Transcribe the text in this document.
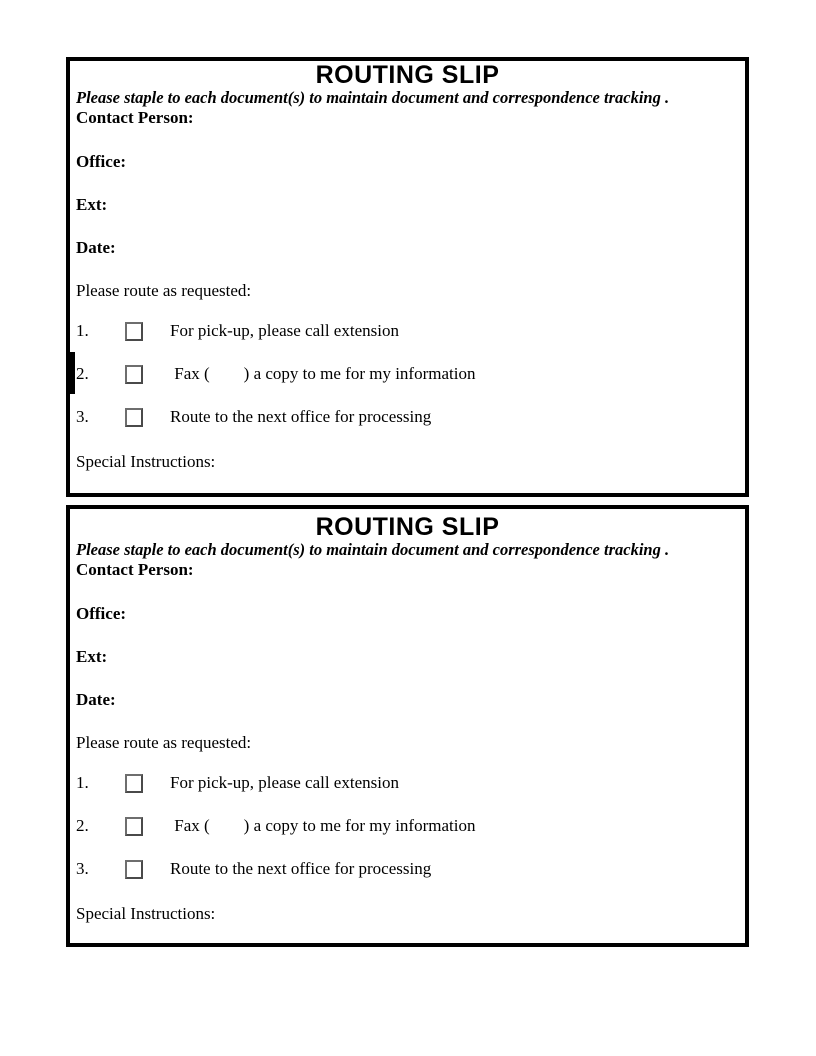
ROUTING SLIP
Please staple to each document(s) to maintain document and correspondence tracking .
Contact Person:
Office:
Ext:
Date:
Please route as requested:
1.	For pick-up, please call extension
2.	Fax (        ) a copy to me for my information
3.	Route to the next office for processing
Special Instructions:
ROUTING SLIP
Please staple to each document(s) to maintain document and correspondence tracking .
Contact Person:
Office:
Ext:
Date:
Please route as requested:
1.	For pick-up, please call extension
2.	Fax (        ) a copy to me for my information
3.	Route to the next office for processing
Special Instructions:
